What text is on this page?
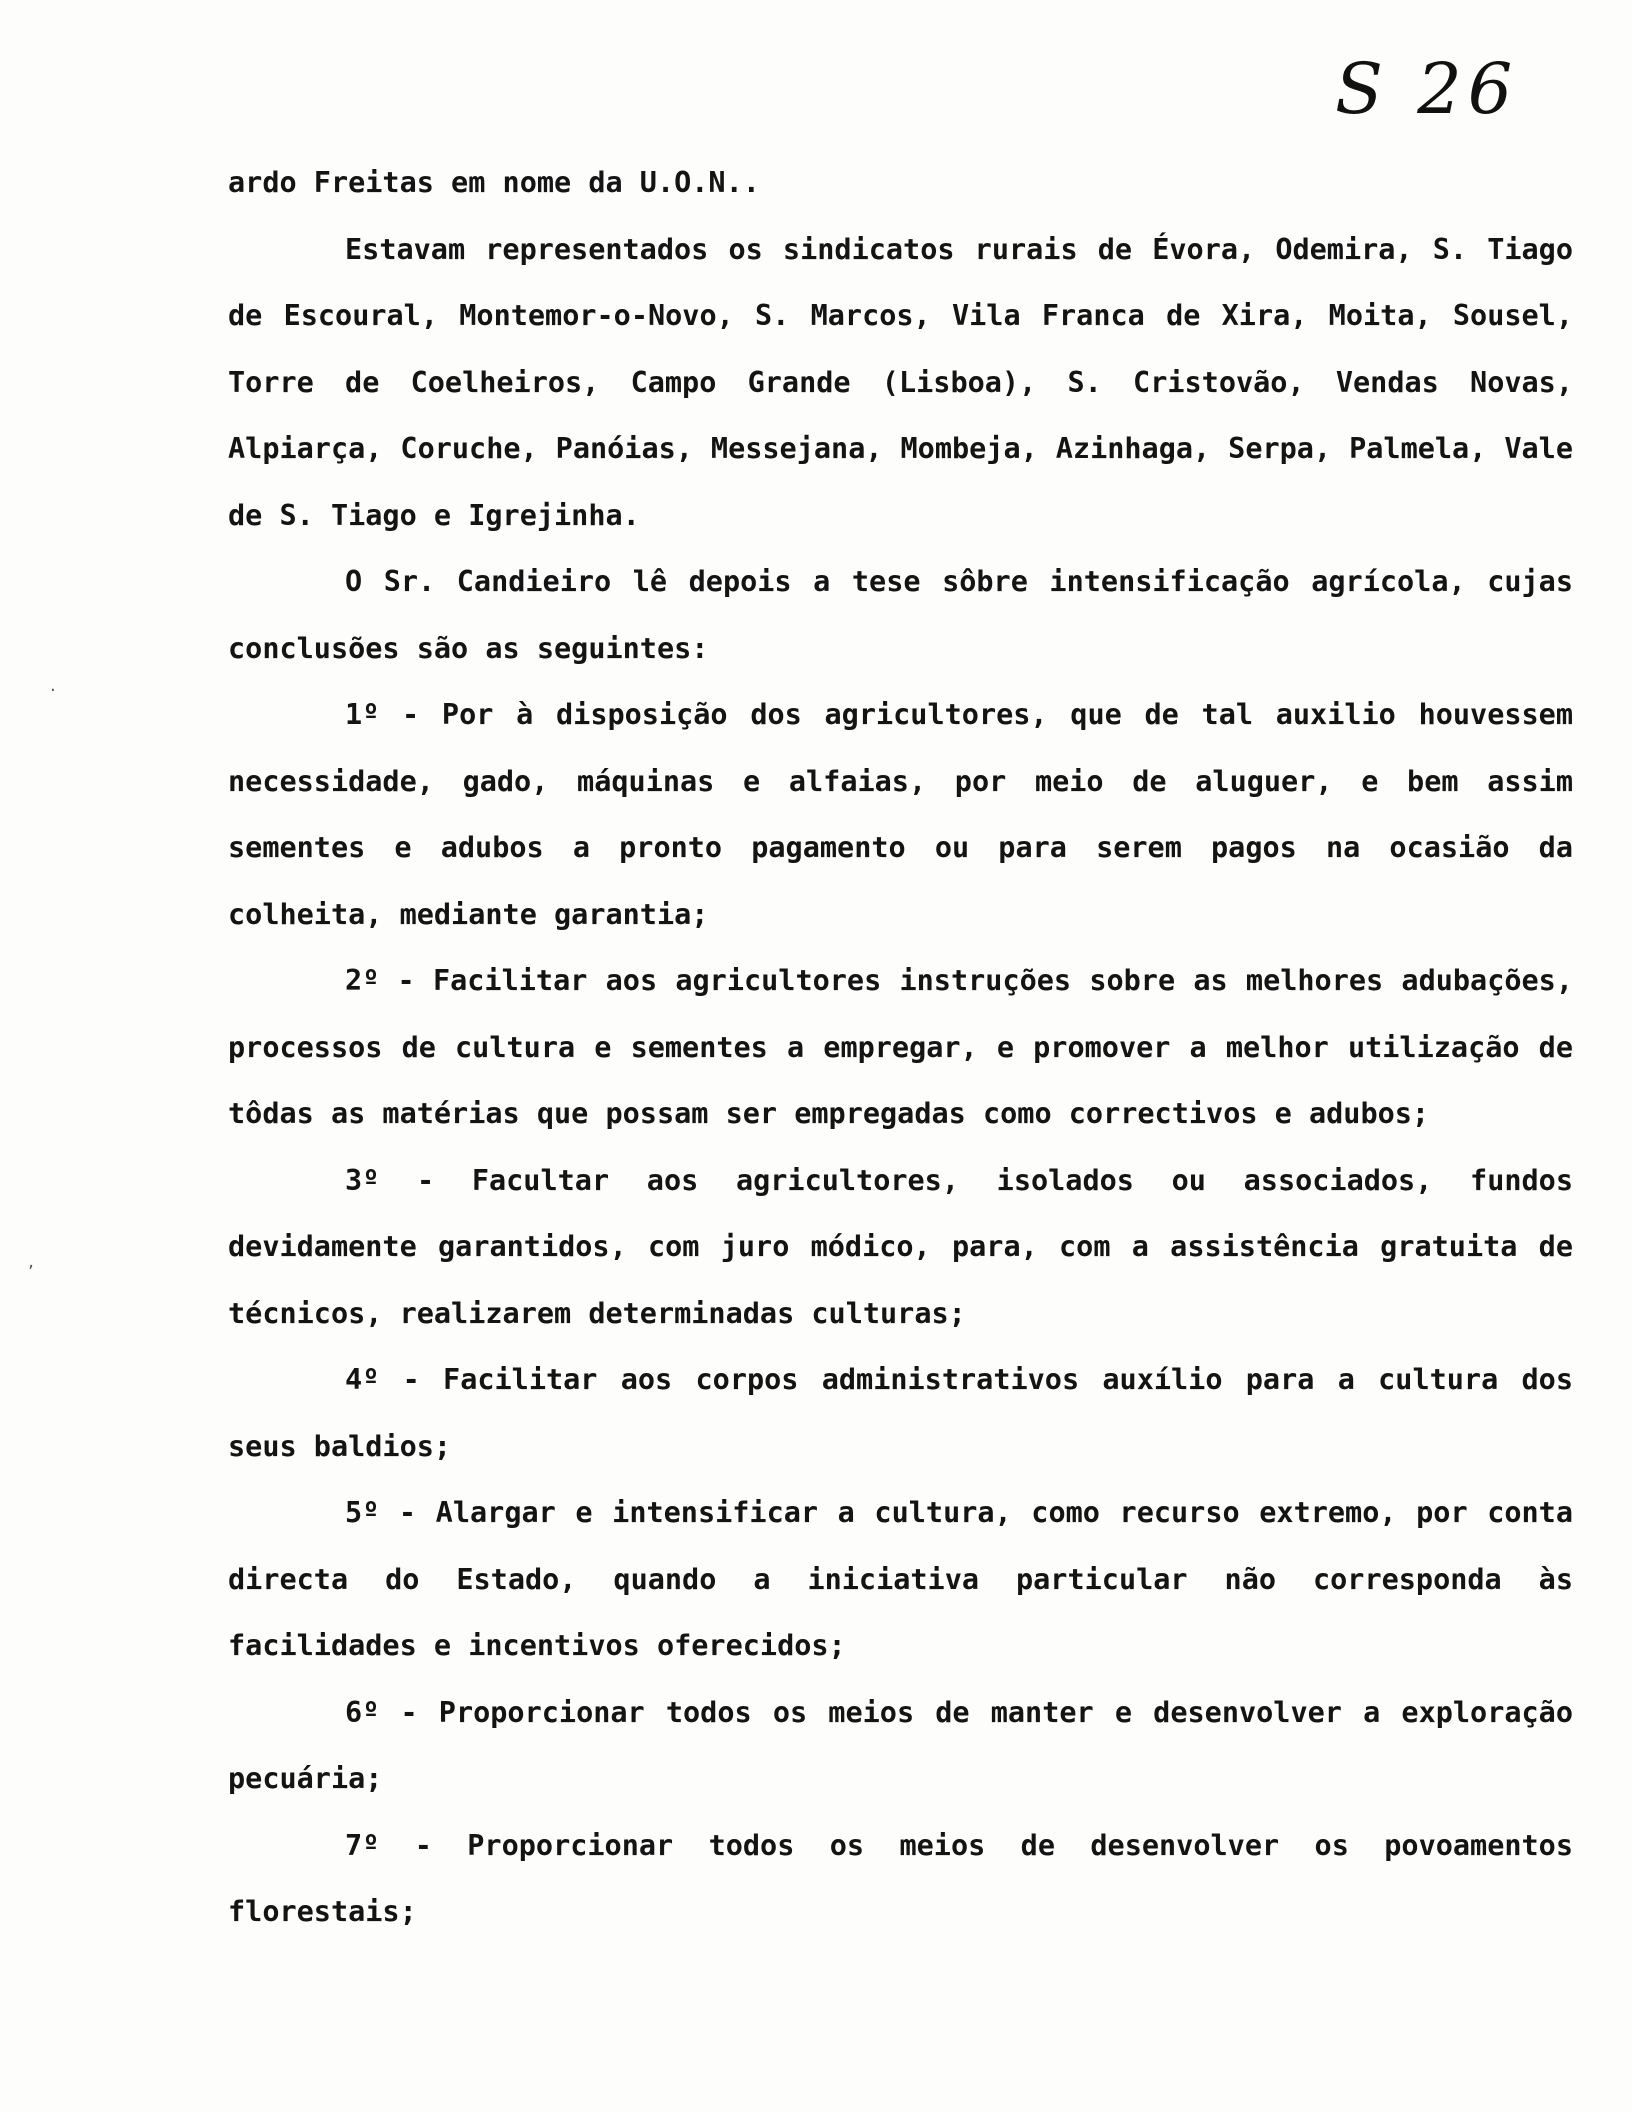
S 26

ardo Freitas em nome da U.O.N..

Estavam representados os sindicatos rurais de Évora, Odemira, S. Tiago de Escoural, Montemor-o-Novo, S. Marcos, Vila Franca de Xira, Moita, Sousel, Torre de Coelheiros, Campo Grande (Lisboa), S. Cristovão, Vendas Novas, Alpiarça, Coruche, Panóias, Messejana, Mombeja, Azinhaga, Serpa, Palmela, Vale de S. Tiago e Igrejinha.

O Sr. Candieiro lê depois a tese sôbre intensificação agrícola, cujas conclusões são as seguintes:

1º - Por à disposição dos agricultores, que de tal auxilio houvessem necessidade, gado, máquinas e alfaias, por meio de aluguer, e bem assim sementes e adubos a pronto pagamento ou para serem pagos na ocasião da colheita, mediante garantia;

2º - Facilitar aos agricultores instruções sobre as melhores adubações, processos de cultura e sementes a empregar, e promover a melhor utilização de tôdas as matérias que possam ser empregadas como correctivos e adubos;

3º - Facultar aos agricultores, isolados ou associados, fundos devidamente garantidos, com juro módico, para, com a assistência gratuita de técnicos, realizarem determinadas culturas;

4º - Facilitar aos corpos administrativos auxílio para a cultura dos seus baldios;

5º - Alargar e intensificar a cultura, como recurso extremo, por conta directa do Estado, quando a iniciativa particular não corresponda às facilidades e incentivos oferecidos;

6º - Proporcionar todos os meios de manter e desenvolver a exploração pecuária;

7º - Proporcionar todos os meios de desenvolver os povoamentos florestais;

·
ʼ
